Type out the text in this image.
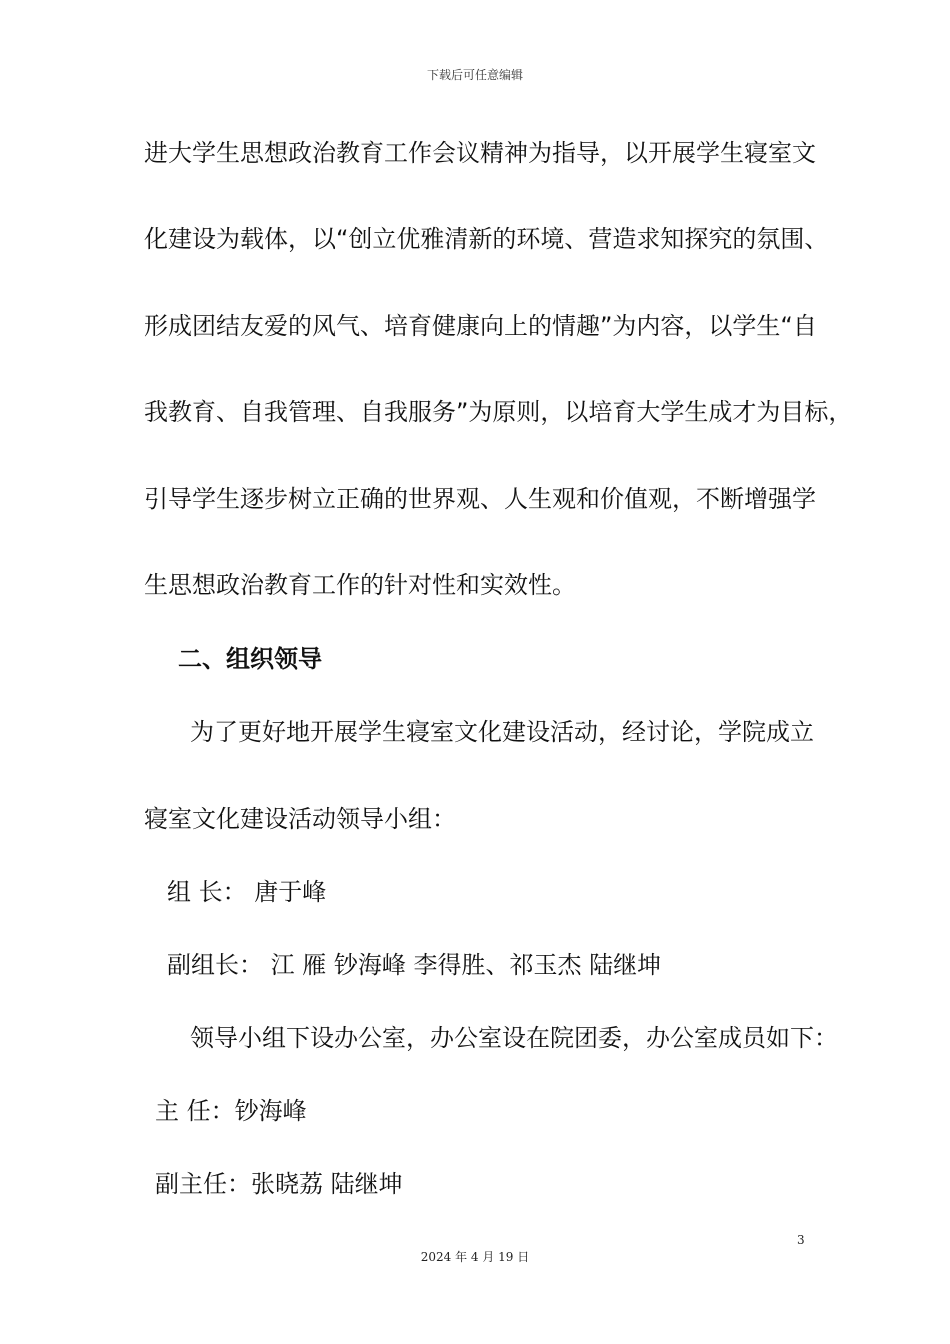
下载后可任意编辑
进大学生思想政治教育工作会议精神为指导，以开展学生寝室文
化建设为载体，以“创立优雅清新的环境、营造求知探究的氛围、
形成团结友爱的风气、培育健康向上的情趣”为内容，以学生“自
我教育、自我管理、自我服务”为原则，以培育大学生成才为目标，
引导学生逐步树立正确的世界观、人生观和价值观，不断增强学
生思想政治教育工作的针对性和实效性。
二、组织领导
为了更好地开展学生寝室文化建设活动，经讨论，学院成立
寝室文化建设活动领导小组：
组 长： 唐于峰
副组长： 江 雁 钞海峰 李得胜、祁玉杰 陆继坤
领导小组下设办公室，办公室设在院团委，办公室成员如下：
主 任：钞海峰
副主任：张晓荔 陆继坤
3
2024 年 4 月 19 日
